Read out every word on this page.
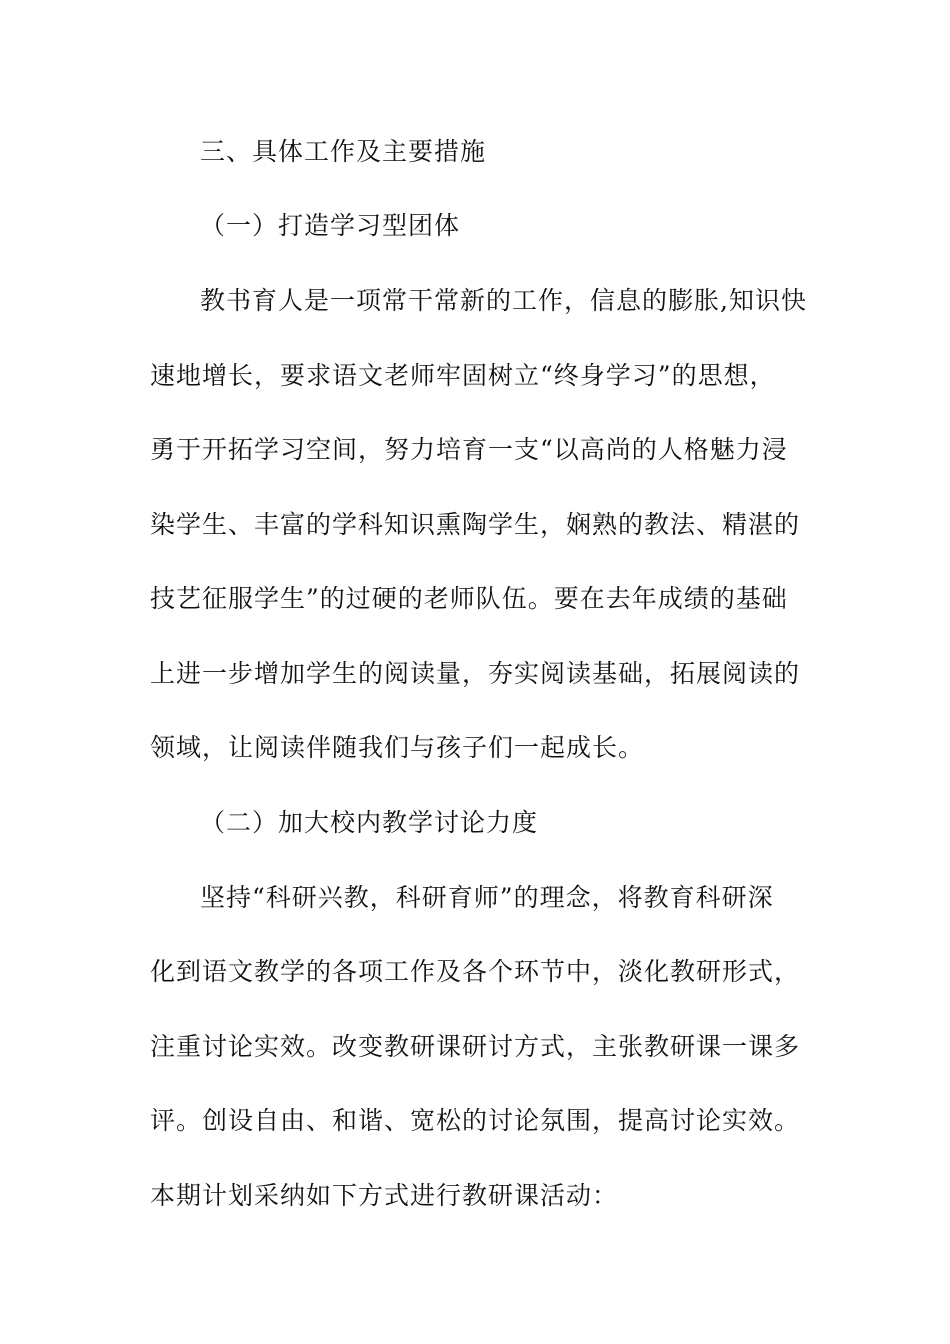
三、具体工作及主要措施
（一）打造学习型团体
教书育人是一项常干常新的工作，信息的膨胀,知识快
速地增长，要求语文老师牢固树立“终身学习”的思想，
勇于开拓学习空间，努力培育一支“以高尚的人格魅力浸
染学生、丰富的学科知识熏陶学生，娴熟的教法、精湛的
技艺征服学生”的过硬的老师队伍。要在去年成绩的基础
上进一步增加学生的阅读量，夯实阅读基础，拓展阅读的
领域，让阅读伴随我们与孩子们一起成长。
（二）加大校内教学讨论力度
坚持“科研兴教，科研育师”的理念，将教育科研深
化到语文教学的各项工作及各个环节中，淡化教研形式，
注重讨论实效。改变教研课研讨方式，主张教研课一课多
评。创设自由、和谐、宽松的讨论氛围，提高讨论实效。
本期计划采纳如下方式进行教研课活动：
